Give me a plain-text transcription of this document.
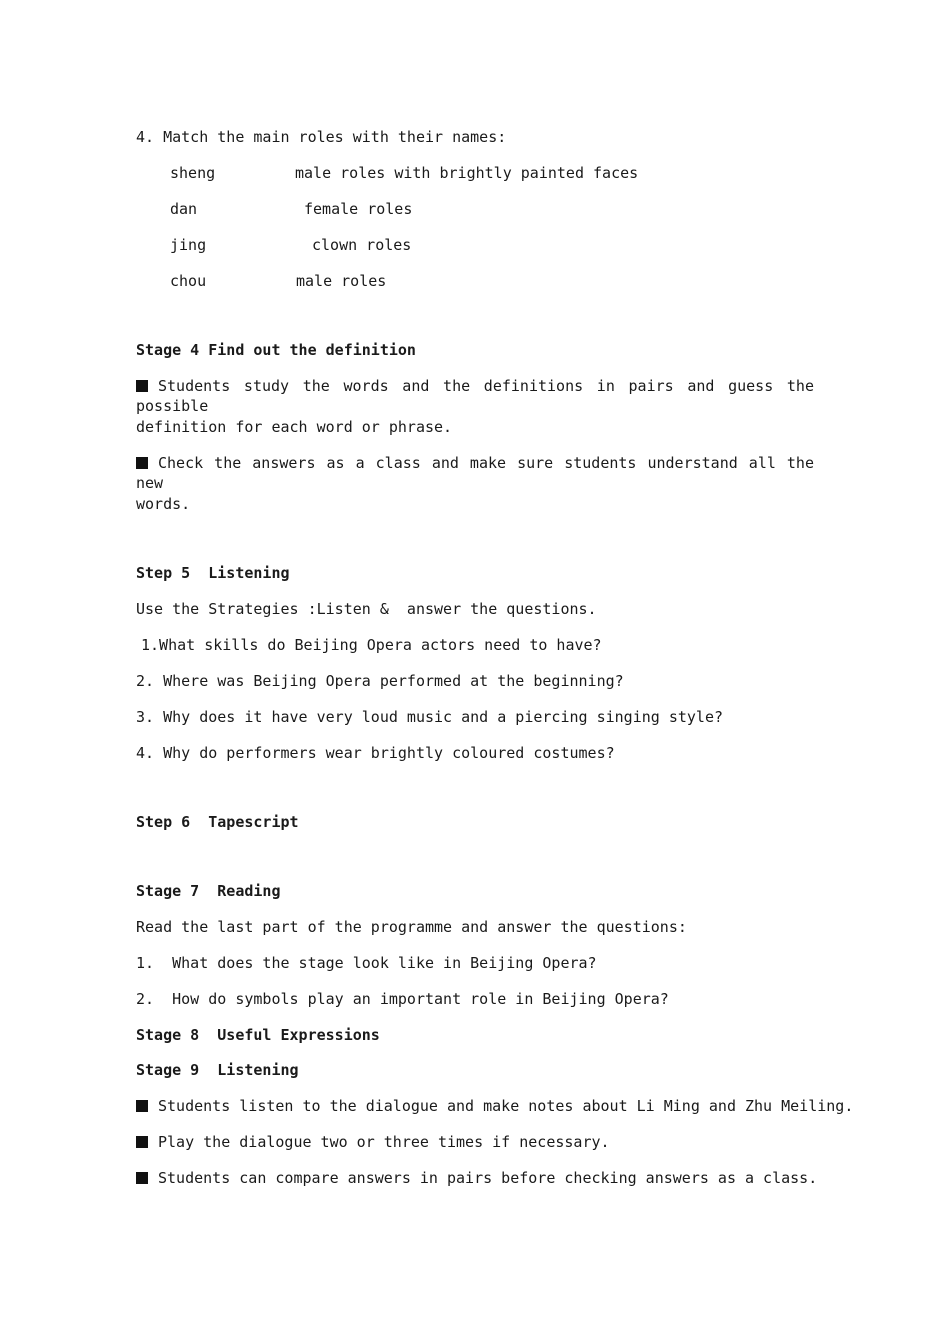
4. Match the main roles with their names:
sheng	male roles with brightly painted faces
dan	female roles
jing	clown roles
chou	male roles
Stage 4 Find out the definition
Students study the words and the definitions in pairs and guess the possible
definition for each word or phrase.
Check the answers as a class and make sure students understand all the new
words.
Step 5  Listening
Use the Strategies :Listen &  answer the questions.
1.What skills do Beijing Opera actors need to have?
2. Where was Beijing Opera performed at the beginning?
3. Why does it have very loud music and a piercing singing style?
4. Why do performers wear brightly coloured costumes?
Step 6  Tapescript
Stage 7  Reading
Read the last part of the programme and answer the questions:
1.  What does the stage look like in Beijing Opera?
2.  How do symbols play an important role in Beijing Opera?
Stage 8  Useful Expressions
Stage 9  Listening
Students listen to the dialogue and make notes about Li Ming and Zhu Meiling.
Play the dialogue two or three times if necessary.
Students can compare answers in pairs before checking answers as a class.
